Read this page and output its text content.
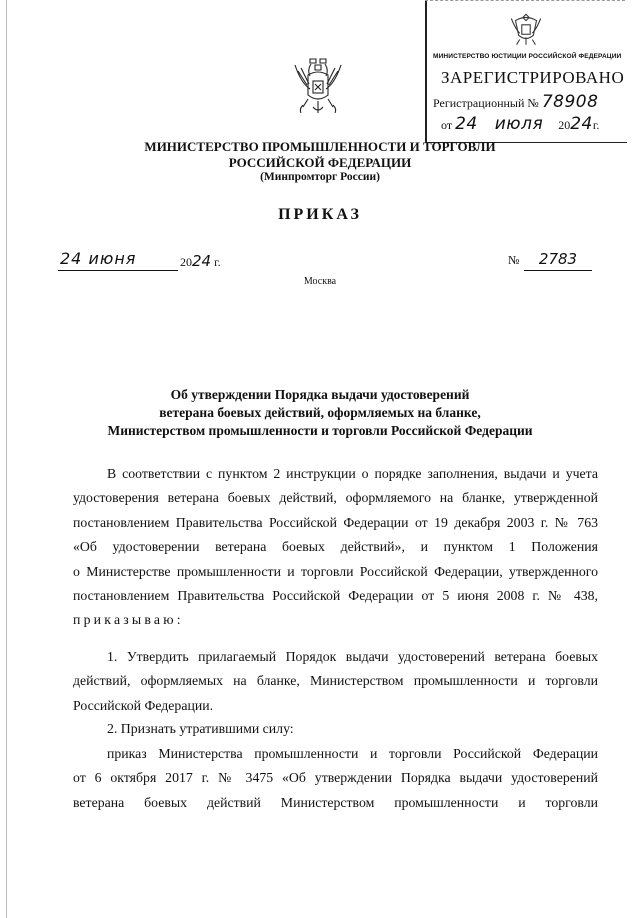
МИНИСТЕРСТВО ЮСТИЦИИ РОССИЙСКОЙ ФЕДЕРАЦИИ
ЗАРЕГИСТРИРОВАНО
Регистрационный № 78908
от 24 июля 2024г.
МИНИСТЕРСТВО ПРОМЫШЛЕННОСТИ И ТОРГОВЛИ
РОССИЙСКОЙ ФЕДЕРАЦИИ
(Минпромторг России)
ПРИКАЗ
24 июня	2024 г.	№	2783
Москва
Об утверждении Порядка выдачи удостоверений
ветерана боевых действий, оформляемых на бланке,
Министерством промышленности и торговли Российской Федерации
В соответствии с пунктом 2 инструкции о порядке заполнения, выдачи и учета
удостоверения ветерана боевых действий, оформляемого на бланке, утвержденной
постановлением Правительства Российской Федерации от 19 декабря 2003 г. № 763
«Об удостоверении ветерана боевых действий», и пунктом 1 Положения
о Министерстве промышленности и торговли Российской Федерации, утвержденного
постановлением Правительства Российской Федерации от 5 июня 2008 г. № 438,
приказываю:
1. Утвердить прилагаемый Порядок выдачи удостоверений ветерана боевых
действий, оформляемых на бланке, Министерством промышленности и торговли
Российской Федерации.
2. Признать утратившими силу:
приказ Министерства промышленности и торговли Российской Федерации
от 6 октября 2017 г. № 3475 «Об утверждении Порядка выдачи удостоверений
ветерана боевых действий Министерством промышленности и торговли
